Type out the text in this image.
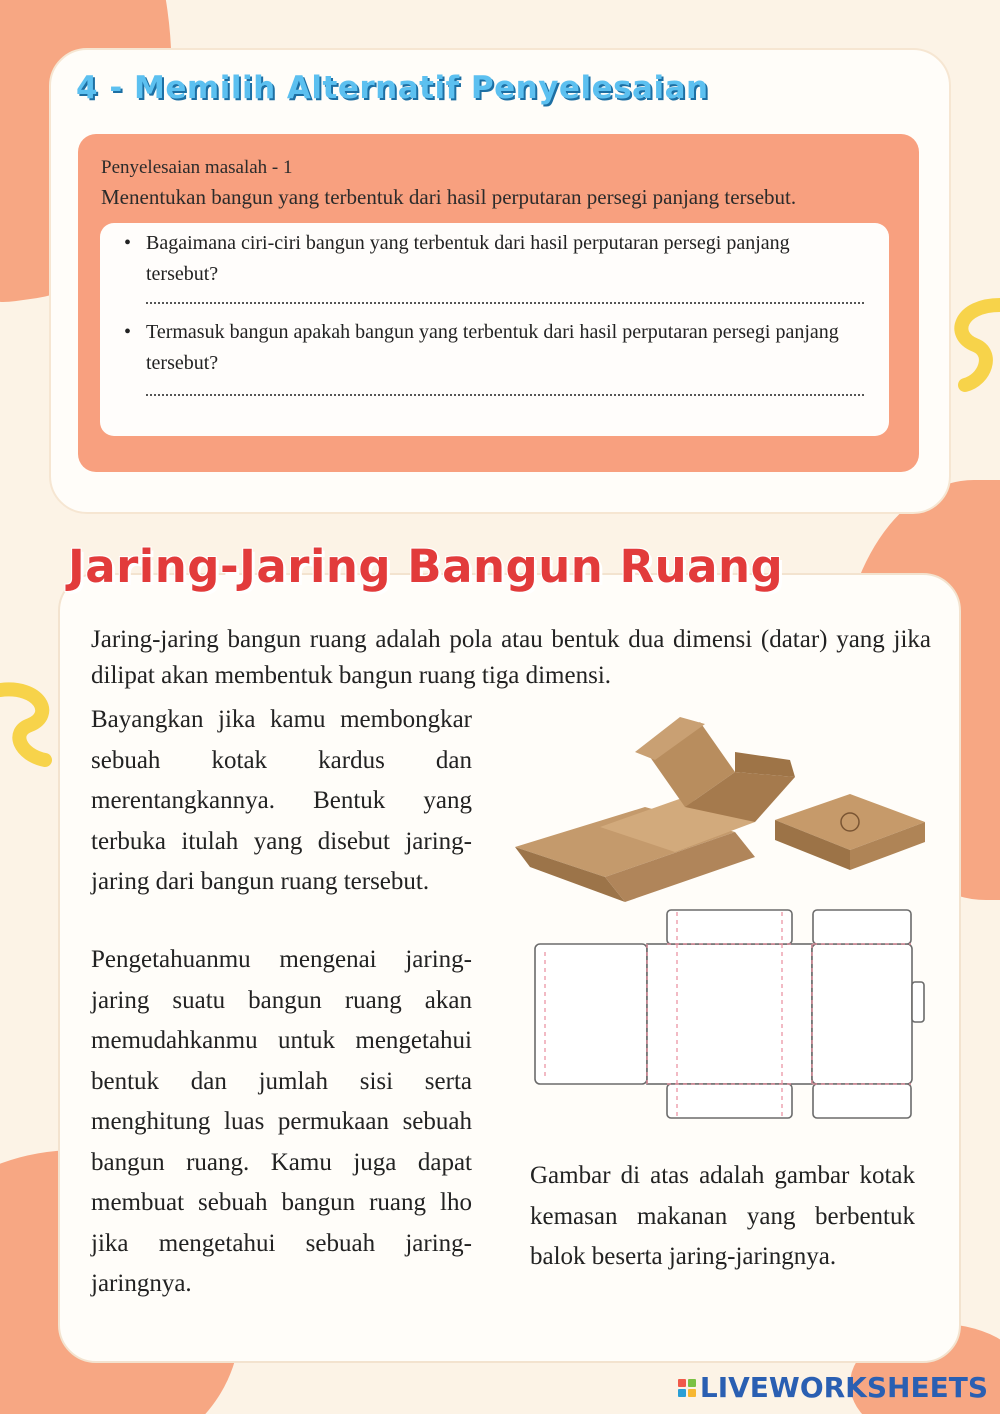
4 - Memilih Alternatif Penyelesaian
Penyelesaian masalah - 1
Menentukan bangun yang terbentuk dari hasil perputaran persegi panjang tersebut.
• Bagaimana ciri-ciri bangun yang terbentuk dari hasil perputaran persegi panjang tersebut?
• Termasuk bangun apakah bangun yang terbentuk dari hasil perputaran persegi panjang tersebut?
Jaring-Jaring Bangun Ruang
Jaring-jaring bangun ruang adalah pola atau bentuk dua dimensi (datar) yang jika dilipat akan membentuk bangun ruang tiga dimensi.
Bayangkan jika kamu membongkar sebuah kotak kardus dan merentangkannya. Bentuk yang terbuka itulah yang disebut jaring-jaring dari bangun ruang tersebut.
Pengetahuanmu mengenai jaring-jaring suatu bangun ruang akan memudahkanmu untuk mengetahui bentuk dan jumlah sisi serta menghitung luas permukaan sebuah bangun ruang. Kamu juga dapat membuat sebuah bangun ruang lho jika mengetahui sebuah jaring-jaringnya.
Gambar di atas adalah gambar kotak kemasan makanan yang berbentuk balok beserta jaring-jaringnya.
LIVEWORKSHEETS
